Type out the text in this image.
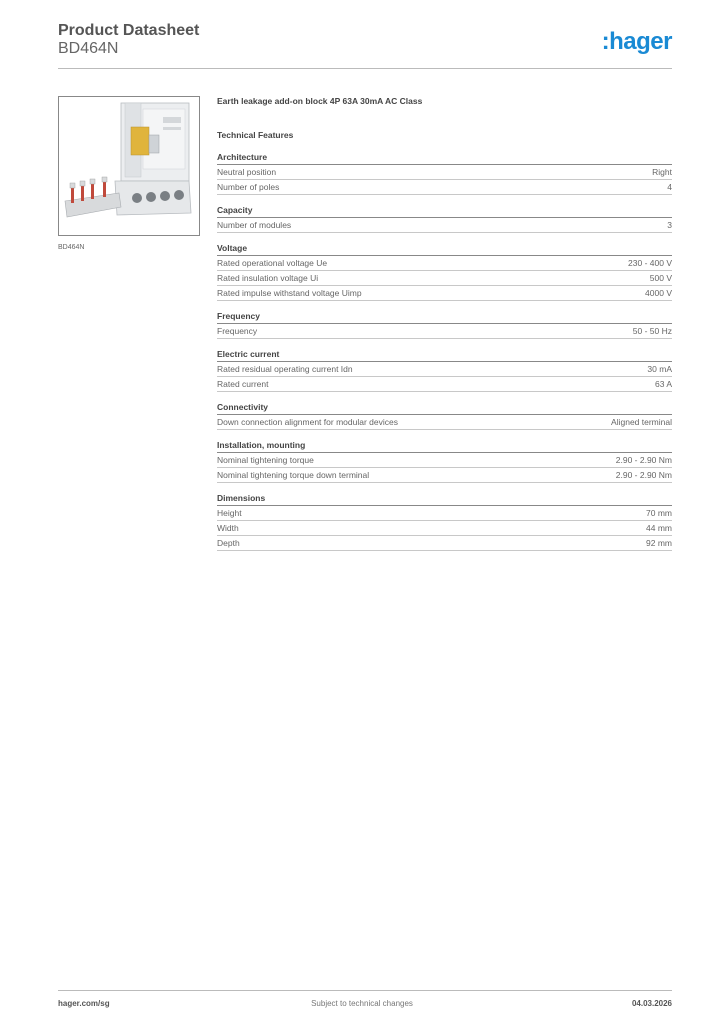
Product Datasheet
BD464N	:hager
BD464N
Earth leakage add-on block 4P 63A 30mA AC Class
Technical Features
Architecture
Neutral position	Right
Number of poles	4
Capacity
Number of modules	3
Voltage
Rated operational voltage Ue	230 - 400 V
Rated insulation voltage Ui	500 V
Rated impulse withstand voltage Uimp	4000 V
Frequency
Frequency	50 - 50 Hz
Electric current
Rated residual operating current Idn	30 mA
Rated current	63 A
Connectivity
Down connection alignment for modular devices	Aligned terminal
Installation, mounting
Nominal tightening torque	2.90 - 2.90 Nm
Nominal tightening torque down terminal	2.90 - 2.90 Nm
Dimensions
Height	70 mm
Width	44 mm
Depth	92 mm
hager.com/sg	Subject to technical changes	04.03.2026
